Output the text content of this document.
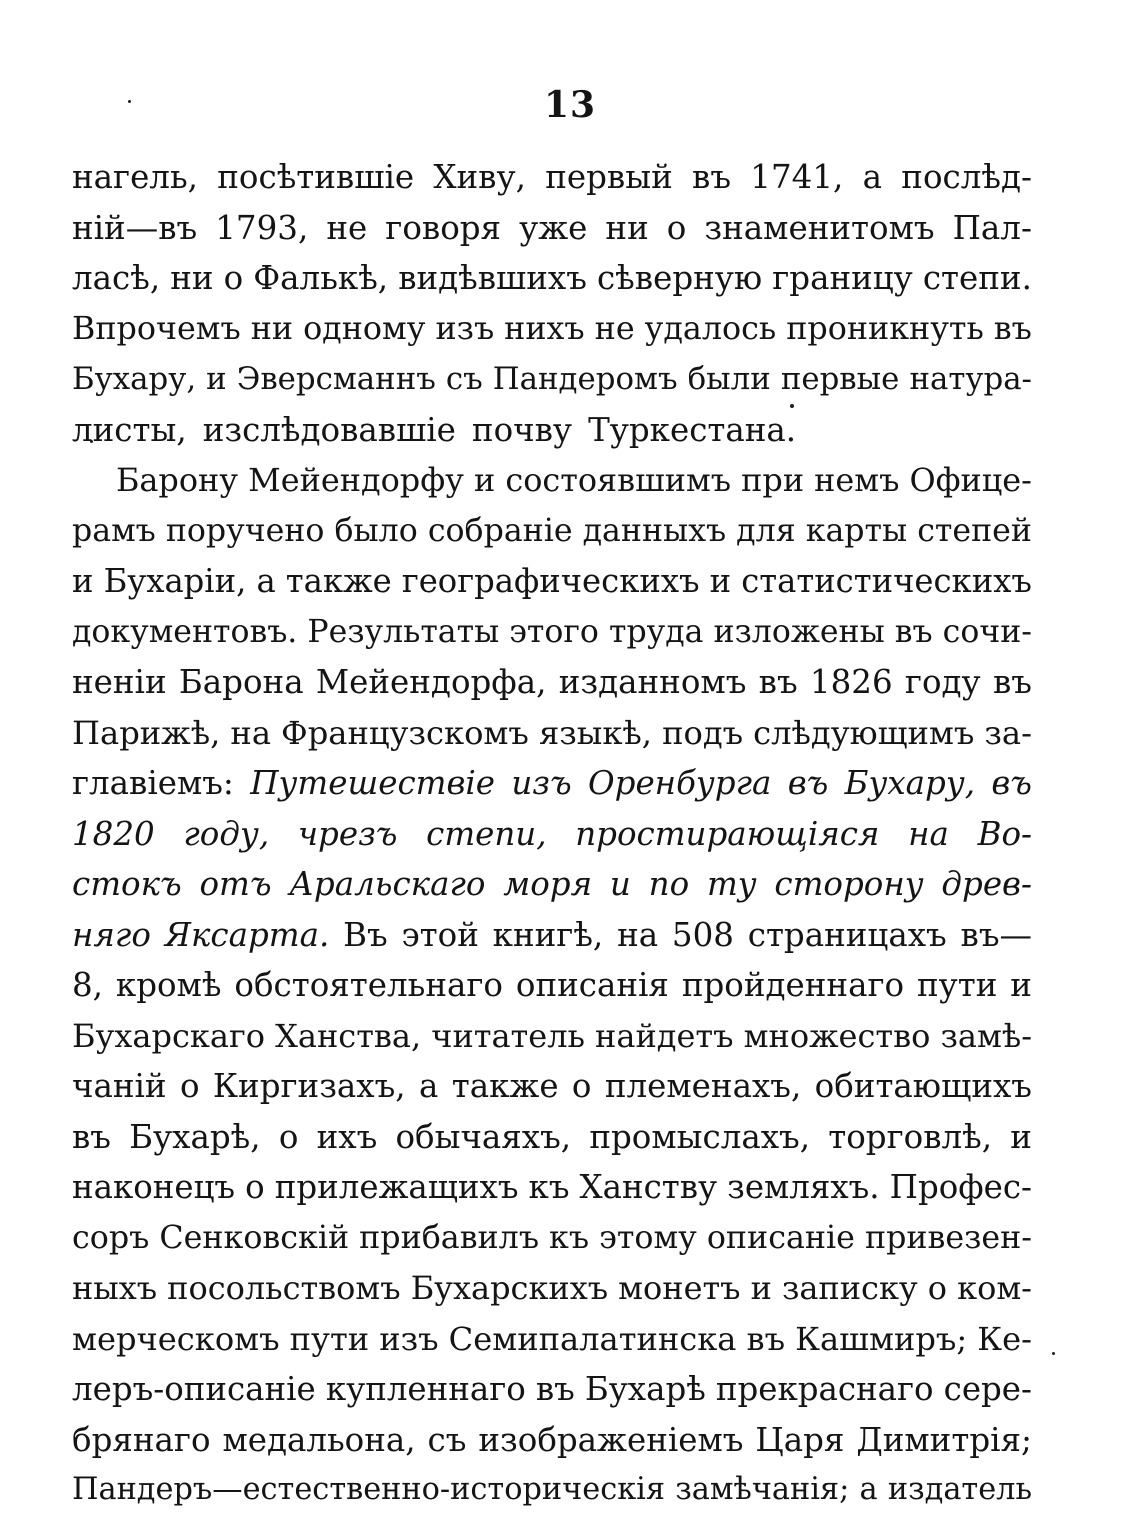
13
нагель, посѣтившіе Хиву, первый въ 1741, а послѣд-
ній—въ 1793, не говоря уже ни о знаменитомъ Пал-
ласѣ, ни о Фалькѣ, видѣвшихъ сѣверную границу степи.
Впрочемъ ни одному изъ нихъ не удалось проникнуть въ
Бухару, и Эверсманнъ съ Пандеромъ были первые натура-
листы, изслѣдовавшіе почву Туркестана.
Барону Мейендорфу и состоявшимъ при немъ Офице-
рамъ поручено было собраніе данныхъ для карты степей
и Бухаріи, а также географическихъ и статистическихъ
документовъ. Результаты этого труда изложены въ сочи-
неніи Барона Мейендорфа, изданномъ въ 1826 году въ
Парижѣ, на Французскомъ языкѣ, подъ слѣдующимъ за-
главіемъ: Путешествіе изъ Оренбурга въ Бухару, въ
1820 году, чрезъ степи, простирающіяся на Во-
стокъ отъ Аральскаго моря и по ту сторону древ-
няго Яксарта. Въ этой книгѣ, на 508 страницахъ въ—
8, кромѣ обстоятельнаго описанія пройденнаго пути и
Бухарскаго Ханства, читатель найдетъ множество замѣ-
чаній о Киргизахъ, а также о племенахъ, обитающихъ
въ Бухарѣ, о ихъ обычаяхъ, промыслахъ, торговлѣ, и
наконецъ о прилежащихъ къ Ханству земляхъ. Профес-
соръ Сенковскій прибавилъ къ этому описаніе привезен-
ныхъ посольствомъ Бухарскихъ монетъ и записку о ком-
мерческомъ пути изъ Семипалатинска въ Кашмиръ; Ке-
леръ-описаніе купленнаго въ Бухарѣ прекраснаго сере-
брянаго медальона, съ изображеніемъ Царя Димитрія;
Пандеръ—естественно-историческія замѣчанія; а издатель
